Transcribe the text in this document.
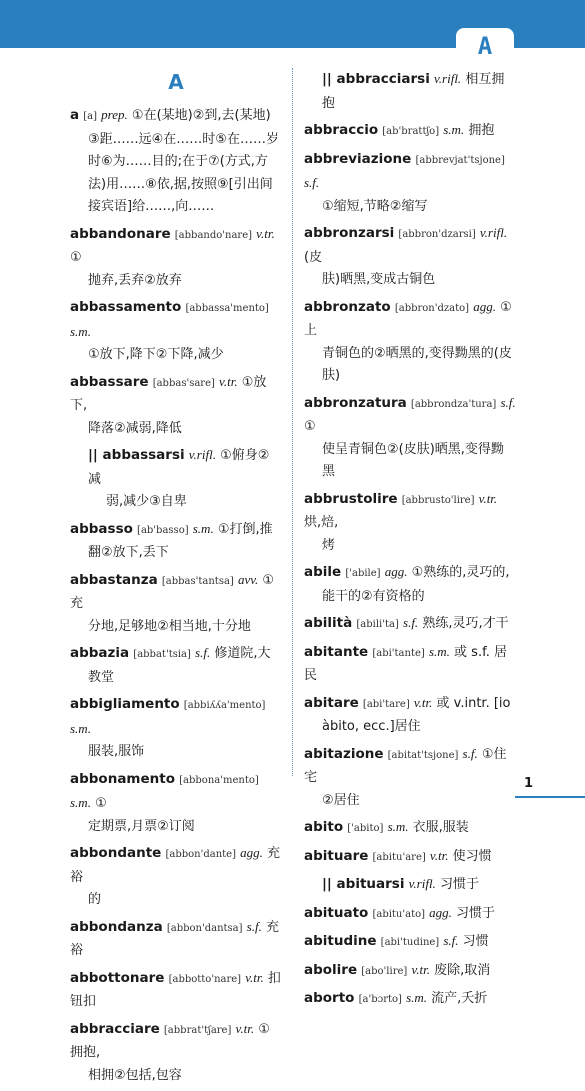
A
A
a [a] prep. ①在(某地)②到,去(某地)
③距……远④在……时⑤在……岁时⑥为……目的;在于⑦(方式,方法)用……⑧依,据,按照⑨[引出间接宾语]给……,向……
abbandonare [abbando'nare] v.tr. ①
抛弃,丢弃②放弃
abbassamento [abbassa'mento] s.m.
①放下,降下②下降,减少
abbassare [abbas'sare] v.tr. ①放下,
降落②减弱,降低
|| abbassarsi v.rifl. ①俯身②减
弱,减少③自卑
abbasso [ab'basso] s.m. ①打倒,推
翻②放下,丢下
abbastanza [abbas'tantsa] avv. ①充
分地,足够地②相当地,十分地
abbazia [abbat'tsia] s.f. 修道院,大
教堂
abbigliamento [abbiʎʎa'mento] s.m.
服装,服饰
abbonamento [abbona'mento] s.m. ①
定期票,月票②订阅
abbondante [abbon'dante] agg. 充裕
的
abbondanza [abbon'dantsa] s.f. 充裕
abbottonare [abbotto'nare] v.tr. 扣钮扣
abbracciare [abbrat'tʃare] v.tr. ①拥抱,
相拥②包括,包容
|| abbracciarsi v.rifl. 相互拥抱
abbraccio [ab'brattʃo] s.m. 拥抱
abbreviazione [abbrevjat'tsjone] s.f.
①缩短,节略②缩写
abbronzarsi [abbron'dzarsi] v.rifl. (皮
肤)晒黑,变成古铜色
abbronzato [abbron'dzato] agg. ①上
青铜色的②晒黑的,变得黝黑的(皮肤)
abbronzatura [abbrondza'tura] s.f. ①
使呈青铜色②(皮肤)晒黑,变得黝黑
abbrustolire [abbrusto'lire] v.tr. 烘,焙,
烤
abile ['abile] agg. ①熟练的,灵巧的,
能干的②有资格的
abilità [abili'ta] s.f. 熟练,灵巧,才干
abitante [abi'tante] s.m. 或 s.f. 居民
abitare [abi'tare] v.tr. 或 v.intr. [io
àbito, ecc.]居住
abitazione [abitat'tsjone] s.f. ①住宅
②居住
abito ['abito] s.m. 衣服,服装
abituare [abitu'are] v.tr. 使习惯
|| abituarsi v.rifl. 习惯于
abituato [abitu'ato] agg. 习惯于
abitudine [abi'tudine] s.f. 习惯
abolire [abo'lire] v.tr. 废除,取消
aborto [a'bɔrto] s.m. 流产,夭折
1
